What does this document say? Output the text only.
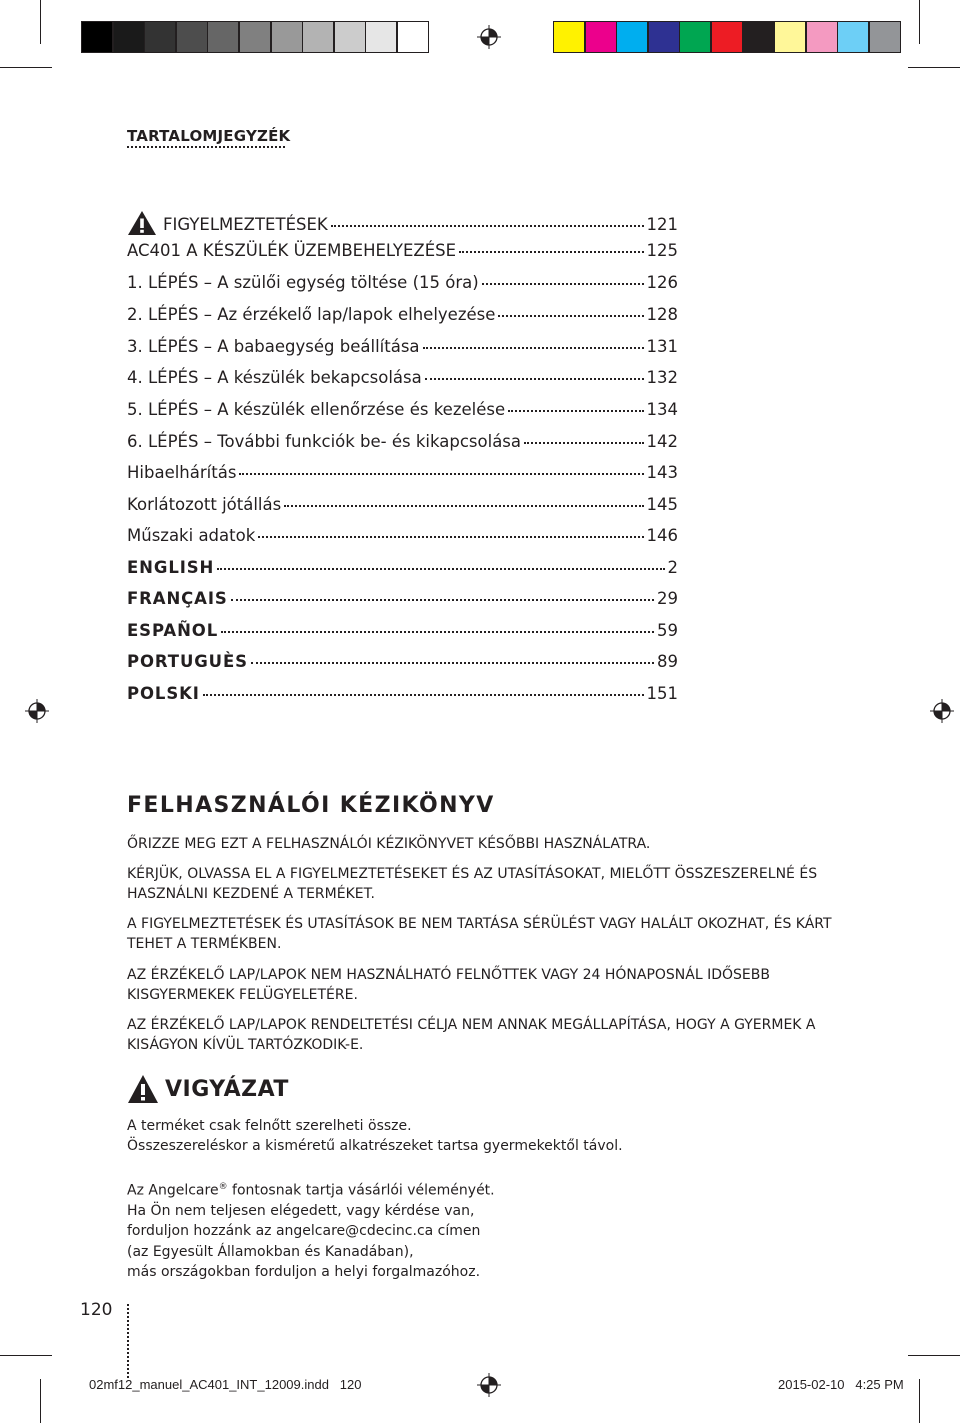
TARTALOMJEGYZÉK
FIGYELMEZTETÉSEK	121
AC401 A KÉSZÜLÉK ÜZEMBEHELYEZÉSE	125
1. LÉPÉS – A szülői egység töltése (15 óra)	126
2. LÉPÉS – Az érzékelő lap/lapok elhelyezése	128
3. LÉPÉS – A babaegység beállítása	131
4. LÉPÉS – A készülék bekapcsolása	132
5. LÉPÉS – A készülék ellenőrzése és kezelése	134
6. LÉPÉS – További funkciók be- és kikapcsolása	142
Hibaelhárítás	143
Korlátozott jótállás	145
Műszaki adatok	146
ENGLISH	2
FRANÇAIS	29
ESPAÑOL	59
PORTUGUÈS	89
POLSKI	151
FELHASZNÁLÓI KÉZIKÖNYV
ŐRIZZE MEG EZT A FELHASZNÁLÓI KÉZIKÖNYVET KÉSŐBBI HASZNÁLATRA.
KÉRJÜK, OLVASSA EL A FIGYELMEZTETÉSEKET ÉS AZ UTASÍTÁSOKAT, MIELŐTT ÖSSZESZERELNÉ ÉS
HASZNÁLNI KEZDENÉ A TERMÉKET.
A FIGYELMEZTETÉSEK ÉS UTASÍTÁSOK BE NEM TARTÁSA SÉRÜLÉST VAGY HALÁLT OKOZHAT, ÉS KÁRT
TEHET A TERMÉKBEN.
AZ ÉRZÉKELŐ LAP/LAPOK NEM HASZNÁLHATÓ FELNŐTTEK VAGY 24 HÓNAPOSNÁL IDŐSEBB
KISGYERMEKEK FELÜGYELETÉRE.
AZ ÉRZÉKELŐ LAP/LAPOK RENDELTETÉSI CÉLJA NEM ANNAK MEGÁLLAPÍTÁSA, HOGY A GYERMEK A
KISÁGYON KÍVÜL TARTÓZKODIK-E.
VIGYÁZAT
A terméket csak felnőtt szerelheti össze.
Összeszereléskor a kisméretű alkatrészeket tartsa gyermekektől távol.
Az Angelcare® fontosnak tartja vásárlói véleményét.
Ha Ön nem teljesen elégedett, vagy kérdése van,
forduljon hozzánk az angelcare@cdecinc.ca címen
(az Egyesült Államokban és Kanadában),
más országokban forduljon a helyi forgalmazóhoz.
120
02mf12_manuel_AC401_INT_12009.indd 120	2015-02-10 4:25 PM
